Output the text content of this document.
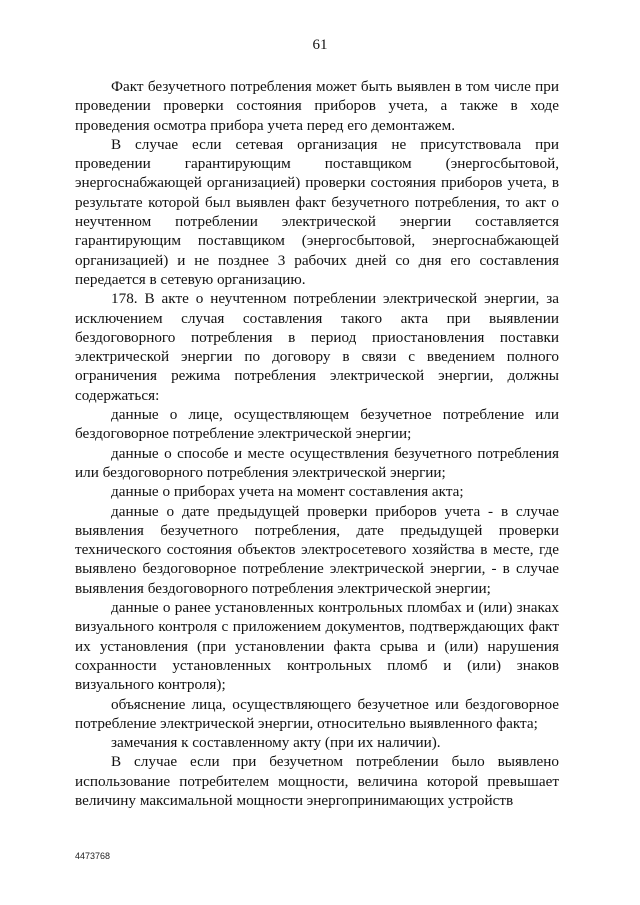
61

Факт безучетного потребления может быть выявлен в том числе при проведении проверки состояния приборов учета, а также в ходе проведения осмотра прибора учета перед его демонтажем.

В случае если сетевая организация не присутствовала при проведении гарантирующим поставщиком (энергосбытовой, энергоснабжающей организацией) проверки состояния приборов учета, в результате которой был выявлен факт безучетного потребления, то акт о неучтенном потреблении электрической энергии составляется гарантирующим поставщиком (энергосбытовой, энергоснабжающей организацией) и не позднее 3 рабочих дней со дня его составления передается в сетевую организацию.

178. В акте о неучтенном потреблении электрической энергии, за исключением случая составления такого акта при выявлении бездоговорного потребления в период приостановления поставки электрической энергии по договору в связи с введением полного ограничения режима потребления электрической энергии, должны содержаться:

данные о лице, осуществляющем безучетное потребление или бездоговорное потребление электрической энергии;

данные о способе и месте осуществления безучетного потребления или бездоговорного потребления электрической энергии;

данные о приборах учета на момент составления акта;

данные о дате предыдущей проверки приборов учета - в случае выявления безучетного потребления, дате предыдущей проверки технического состояния объектов электросетевого хозяйства в месте, где выявлено бездоговорное потребление электрической энергии, - в случае выявления бездоговорного потребления электрической энергии;

данные о ранее установленных контрольных пломбах и (или) знаках визуального контроля с приложением документов, подтверждающих факт их установления (при установлении факта срыва и (или) нарушения сохранности установленных контрольных пломб и (или) знаков визуального контроля);

объяснение лица, осуществляющего безучетное или бездоговорное потребление электрической энергии, относительно выявленного факта;

замечания к составленному акту (при их наличии).

В случае если при безучетном потреблении было выявлено использование потребителем мощности, величина которой превышает величину максимальной мощности энергопринимающих устройств

4473768
